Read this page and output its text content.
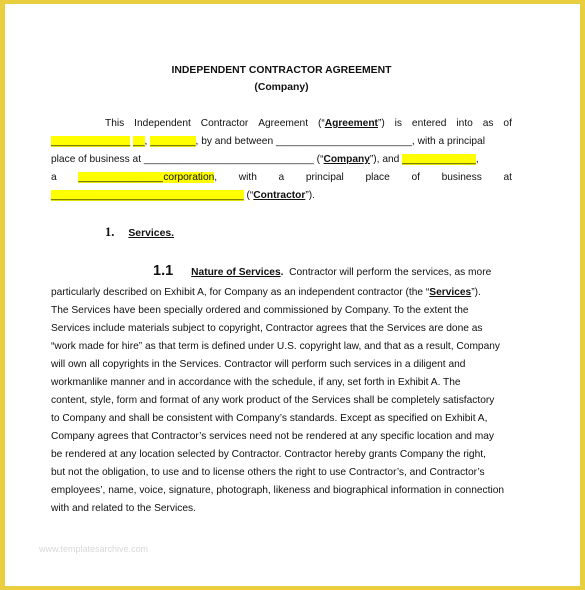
INDEPENDENT CONTRACTOR AGREEMENT
(Company)
This Independent Contractor Agreement (“Agreement”) is entered into as of
______________ __, ________, by and between ________________________, with a principal
place of business at ______________________________ (“Company”), and _____________,
a _______________corporation, with a principal place of business at
__________________________________ (“Contractor”).
1. Services.
1.1 Nature of Services. Contractor will perform the services, as more
particularly described on Exhibit A, for Company as an independent contractor (the “Services”).
The Services have been specially ordered and commissioned by Company. To the extent the
Services include materials subject to copyright, Contractor agrees that the Services are done as
“work made for hire” as that term is defined under U.S. copyright law, and that as a result, Company
will own all copyrights in the Services. Contractor will perform such services in a diligent and
workmanlike manner and in accordance with the schedule, if any, set forth in Exhibit A. The
content, style, form and format of any work product of the Services shall be completely satisfactory
to Company and shall be consistent with Company’s standards. Except as specified on Exhibit A,
Company agrees that Contractor’s services need not be rendered at any specific location and may
be rendered at any location selected by Contractor. Contractor hereby grants Company the right,
but not the obligation, to use and to license others the right to use Contractor’s, and Contractor’s
employees’, name, voice, signature, photograph, likeness and biographical information in connection
with and related to the Services.
www.templatesarchive.com
